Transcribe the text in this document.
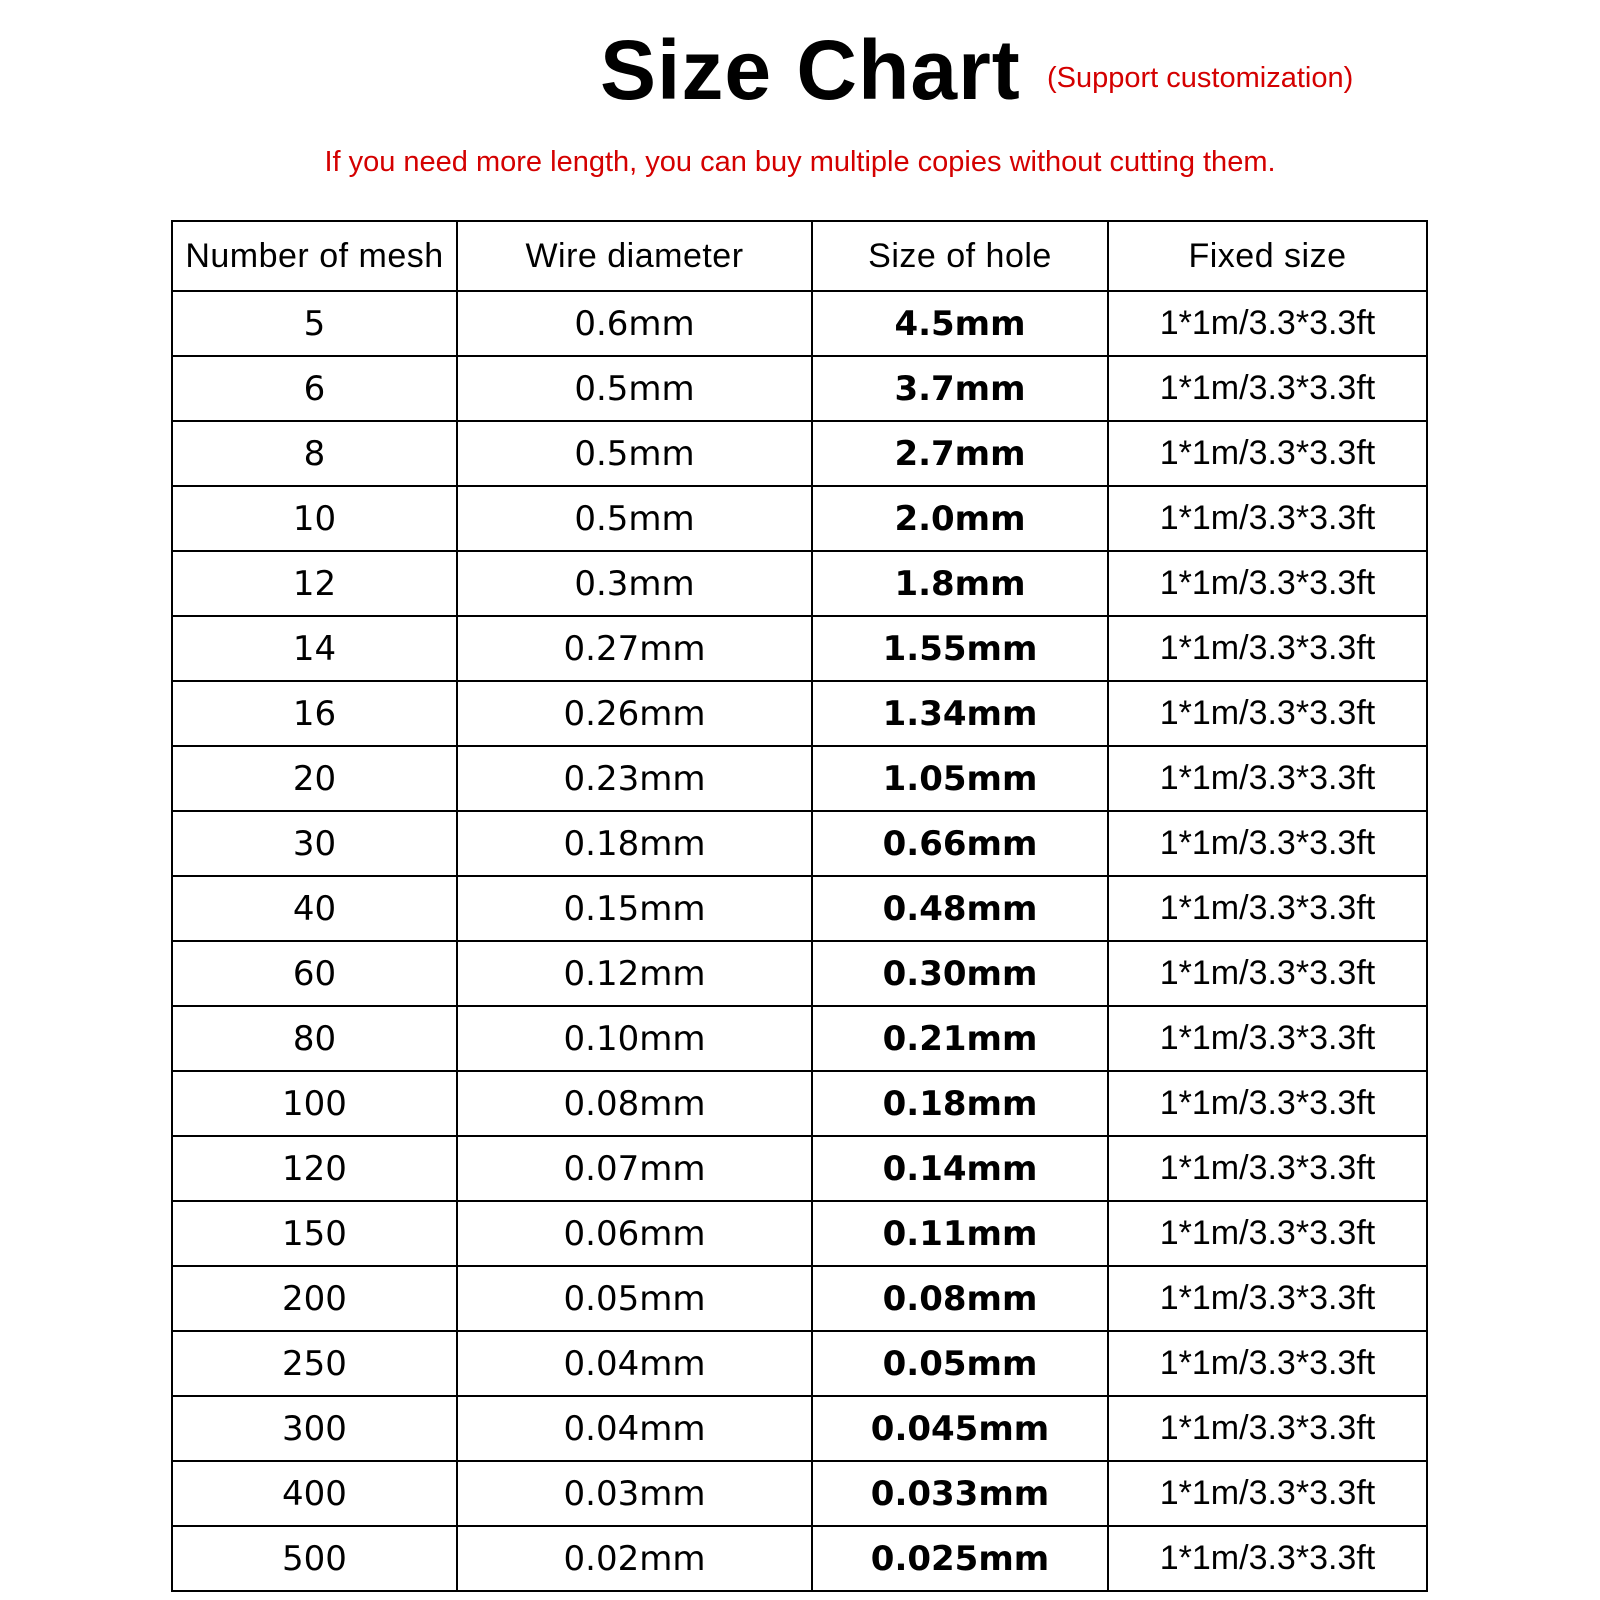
Size Chart (Support customization)
If you need more length, you can buy multiple copies without cutting them.
Number of mesh	Wire diameter	Size of hole	Fixed size
5	0.6mm	4.5mm	1*1m/3.3*3.3ft
6	0.5mm	3.7mm	1*1m/3.3*3.3ft
8	0.5mm	2.7mm	1*1m/3.3*3.3ft
10	0.5mm	2.0mm	1*1m/3.3*3.3ft
12	0.3mm	1.8mm	1*1m/3.3*3.3ft
14	0.27mm	1.55mm	1*1m/3.3*3.3ft
16	0.26mm	1.34mm	1*1m/3.3*3.3ft
20	0.23mm	1.05mm	1*1m/3.3*3.3ft
30	0.18mm	0.66mm	1*1m/3.3*3.3ft
40	0.15mm	0.48mm	1*1m/3.3*3.3ft
60	0.12mm	0.30mm	1*1m/3.3*3.3ft
80	0.10mm	0.21mm	1*1m/3.3*3.3ft
100	0.08mm	0.18mm	1*1m/3.3*3.3ft
120	0.07mm	0.14mm	1*1m/3.3*3.3ft
150	0.06mm	0.11mm	1*1m/3.3*3.3ft
200	0.05mm	0.08mm	1*1m/3.3*3.3ft
250	0.04mm	0.05mm	1*1m/3.3*3.3ft
300	0.04mm	0.045mm	1*1m/3.3*3.3ft
400	0.03mm	0.033mm	1*1m/3.3*3.3ft
500	0.02mm	0.025mm	1*1m/3.3*3.3ft
